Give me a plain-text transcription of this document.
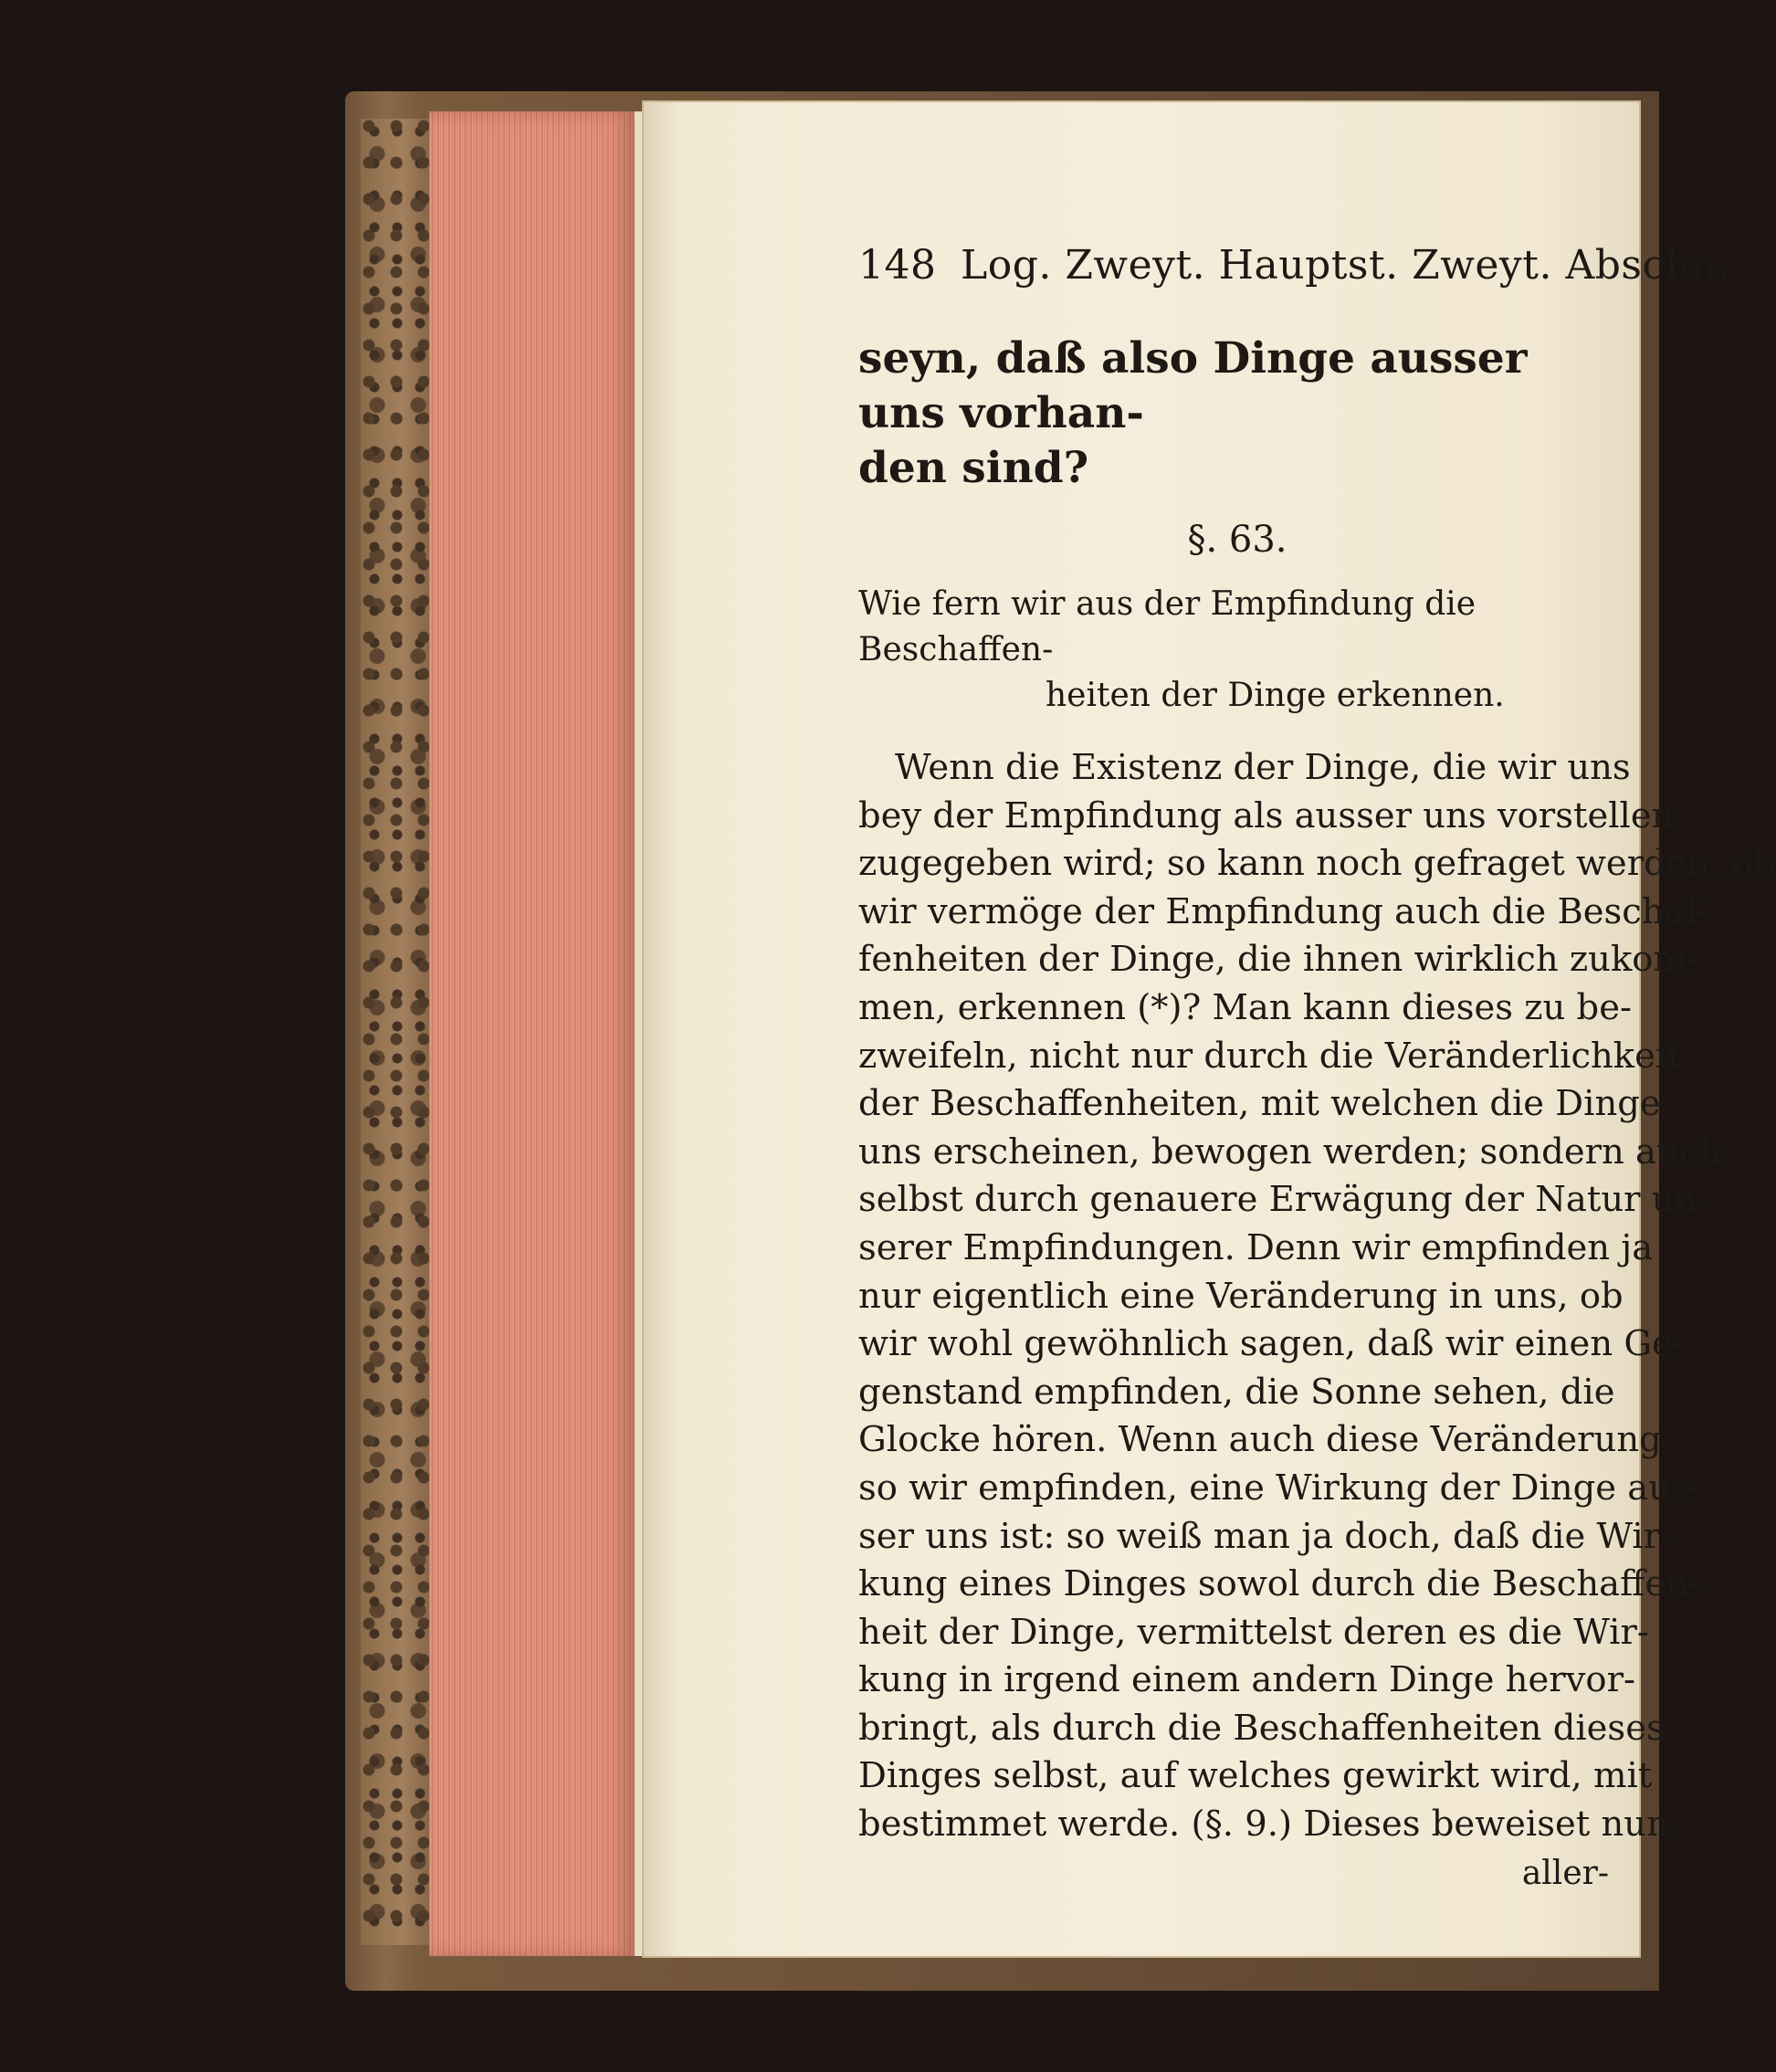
148 Log. Zweyt. Hauptst. Zweyt. Abschn.
seyn, daß also Dinge ausser uns vorhan-
den sind?
§. 63.
Wie fern wir aus der Empfindung die Beschaffen-
heiten der Dinge erkennen.
Wenn die Existenz der Dinge, die wir uns
bey der Empfindung als ausser uns vorstellen,
zugegeben wird; so kann noch gefraget werden, ob
wir vermöge der Empfindung auch die Beschaf-
fenheiten der Dinge, die ihnen wirklich zukom-
men, erkennen (*)? Man kann dieses zu be-
zweifeln, nicht nur durch die Veränderlichkeit
der Beschaffenheiten, mit welchen die Dinge
uns erscheinen, bewogen werden; sondern auch
selbst durch genauere Erwägung der Natur un-
serer Empfindungen. Denn wir empfinden ja
nur eigentlich eine Veränderung in uns, ob
wir wohl gewöhnlich sagen, daß wir einen Ge-
genstand empfinden, die Sonne sehen, die
Glocke hören. Wenn auch diese Veränderung
so wir empfinden, eine Wirkung der Dinge aus-
ser uns ist: so weiß man ja doch, daß die Wir-
kung eines Dinges sowol durch die Beschaffen-
heit der Dinge, vermittelst deren es die Wir-
kung in irgend einem andern Dinge hervor-
bringt, als durch die Beschaffenheiten dieses
Dinges selbst, auf welches gewirkt wird, mit
bestimmet werde. (§. 9.) Dieses beweiset nun
aller-
